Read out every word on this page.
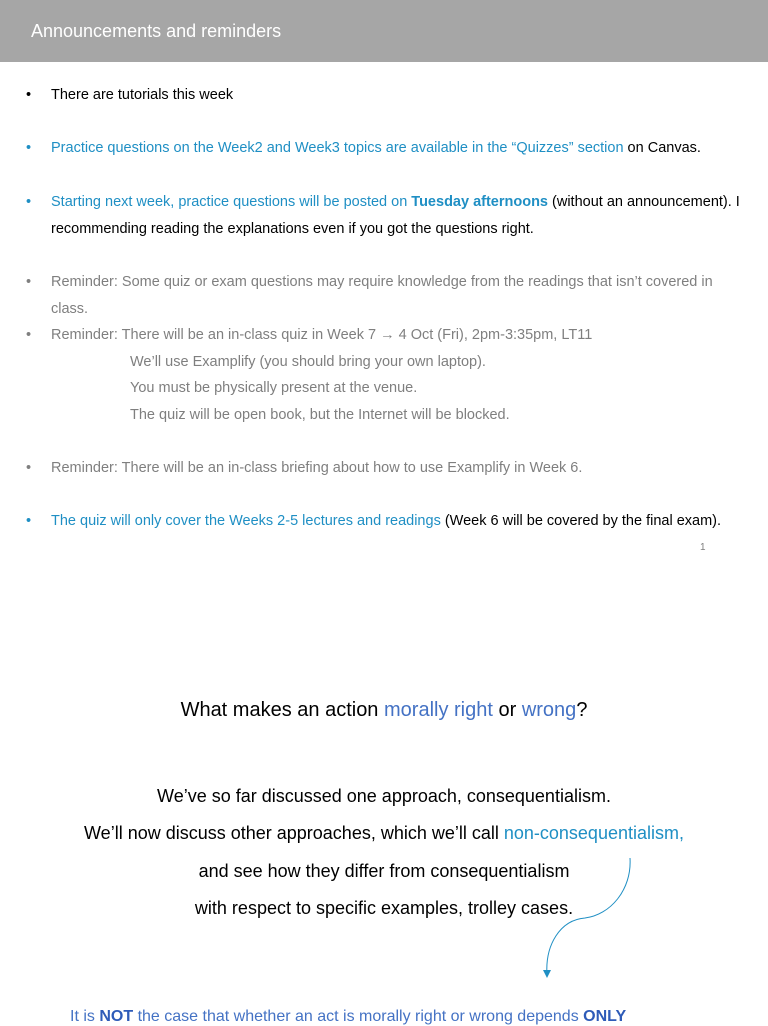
Announcements and reminders
• There are tutorials this week
• Practice questions on the Week2 and Week3 topics are available in the “Quizzes” section on Canvas.
• Starting next week, practice questions will be posted on Tuesday afternoons (without an announcement). I recommending reading the explanations even if you got the questions right.
• Reminder: Some quiz or exam questions may require knowledge from the readings that isn’t covered in class.
• Reminder: There will be an in-class quiz in Week 7 → 4 Oct (Fri), 2pm-3:35pm, LT11
We’ll use Examplify (you should bring your own laptop).
You must be physically present at the venue.
The quiz will be open book, but the Internet will be blocked.
• Reminder: There will be an in-class briefing about how to use Examplify in Week 6.
• The quiz will only cover the Weeks 2-5 lectures and readings (Week 6 will be covered by the final exam).
1
What makes an action morally right or wrong?
We’ve so far discussed one approach, consequentialism.
We’ll now discuss other approaches, which we’ll call non-consequentialism,
and see how they differ from consequentialism
with respect to specific examples, trolley cases.
It is NOT the case that whether an act is morally right or wrong depends ONLY
